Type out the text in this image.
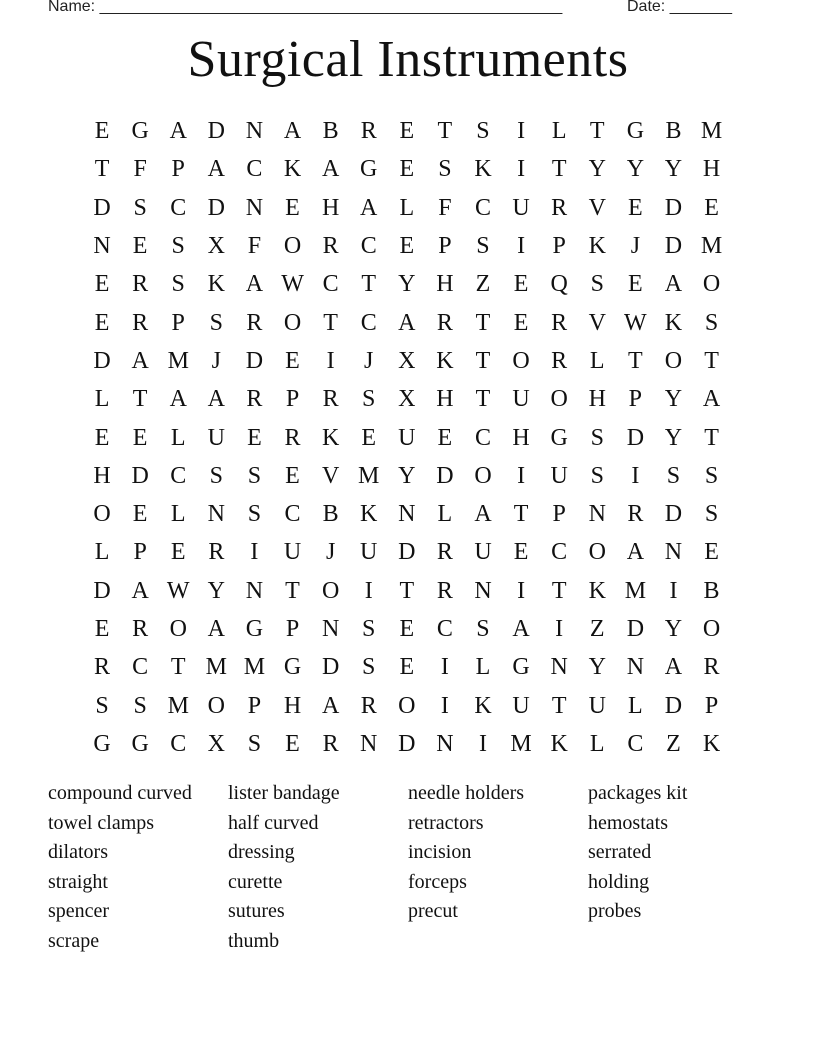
Name: ____________________________________________________	Date: _______
Surgical Instruments
E G A D N A B R E T	S	I	L T G B M
T	F	P A C K A G E	S K	I	T Y Y Y H
D S C D N E H A L	F C U R V E D E
N E	S X F O R C E	P	S	I	P K	J	D M
E R S K A W C T Y H Z E Q S	E A O
E R P	S R O T C A R T E R V W K S
D A M J	D E	I	J	X K T O R L T O T
L T A A R P R S X H T U O H P Y A
E E L U E R K E U E C H G S D Y T
H D C S	S	E V M Y D O	I	U S	I	S	S
O E L N S C B K N L A T	P N R D S
L	P	E R	I	U	J	U D R U E C O A N E
D A W Y N T O	I	T R N	I	T K M I	B
E R O A G P N S	E C S A	I	Z D Y O
R C T M M G D S	E	I	L G N Y N A R
S	S M O P H A R O	I	K U T U L D P
G G C X S	E R N D N	I M K L C Z K
compound curved
towel clamps
dilators
straight
spencer
scrape
lister bandage
half curved
dressing
curette
sutures
thumb
needle holders
retractors
incision
forceps
precut
packages kit
hemostats
serrated
holding
probes
